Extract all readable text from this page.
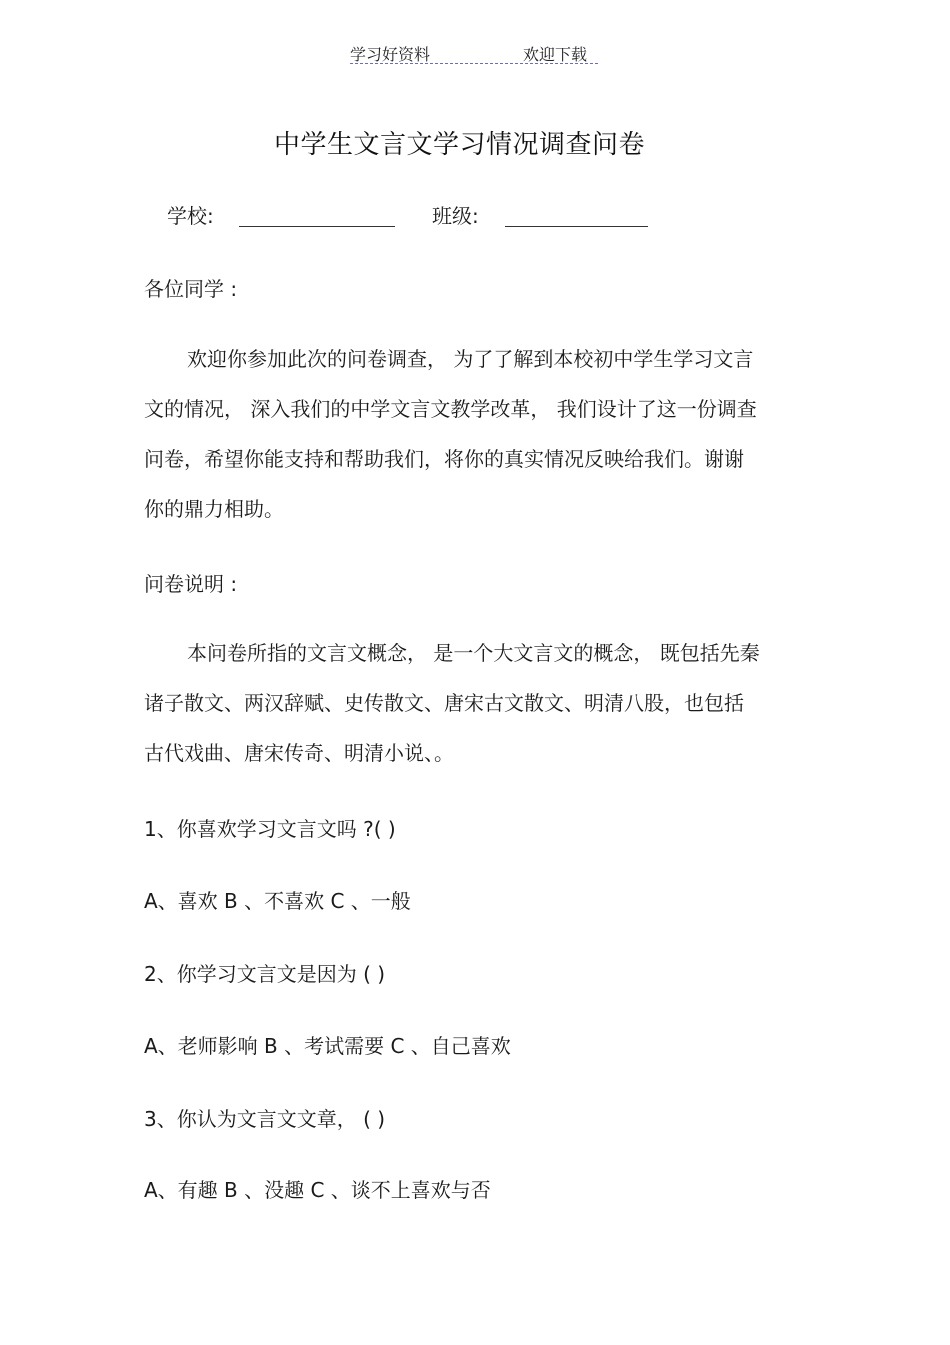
学习好资料	欢迎下载
中学生文言文学习情况调查问卷
学校:	班级:
各位同学 :
欢迎你参加此次的问卷调查， 为了了解到本校初中学生学习文言
文的情况， 深入我们的中学文言文教学改革， 我们设计了这一份调查
问卷，希望你能支持和帮助我们，将你的真实情况反映给我们。谢谢
你的鼎力相助。
问卷说明 :
本问卷所指的文言文概念， 是一个大文言文的概念， 既包括先秦
诸子散文、两汉辞赋、史传散文、唐宋古文散文、明清八股，也包括
古代戏曲、唐宋传奇、明清小说、。
1、你喜欢学习文言文吗 ?( )
A、喜欢 B 、不喜欢 C 、一般
2、你学习文言文是因为 ( )
A、老师影响 B 、考试需要 C 、自己喜欢
3、你认为文言文文章， ( )
A、有趣 B 、没趣 C 、谈不上喜欢与否
